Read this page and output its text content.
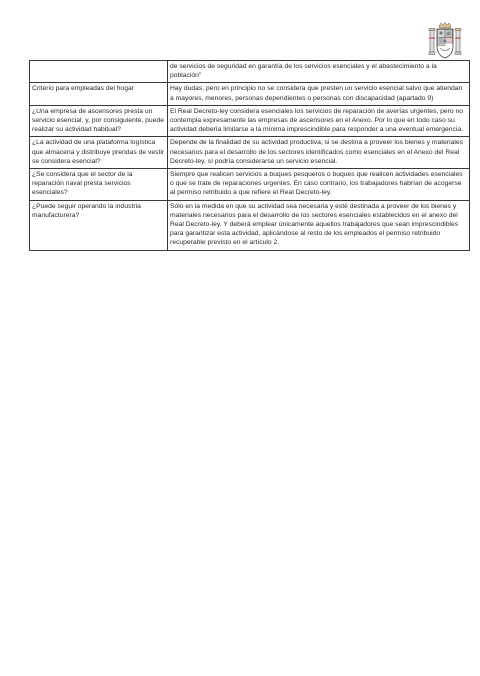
	de servicios de seguridad en garantía de los servicios esenciales y el abastecimiento a la población"

Criterio para empleadas del hogar	Hay dudas, pero en principio no se considera que presten un servicio esencial salvo que atiendan a mayores, menores, personas dependientes o personas con discapacidad (apartado 9)

¿Una empresa de ascensores presta un servicio esencial, y, por consiguiente, puede realizar su actividad habitual?	El Real Decreto-ley considera esenciales los servicios de reparación de averías urgentes, pero no contempla expresamente las empresas de ascensores en el Anexo. Por lo que en todo caso su actividad debería limitarse a la mínima imprescindible para responder a una eventual emergencia.

¿La actividad de una plataforma logística que almacena y distribuye prendas de vestir se considera esencial?	Depende de la finalidad de su actividad productiva; si se destina a proveer los bienes y materiales necesarios para el desarrollo de los sectores identificados como esenciales en el Anexo del Real Decreto-ley, sí podría considerarse un servicio esencial.

¿Se considera que el sector de la reparación naval presta servicios esenciales?	Siempre que realicen servicios a buques pesqueros o buques que realicen actividades esenciales o que se trate de reparaciones urgentes. En caso contrario, los trabajadores habrían de acogerse al permiso retribuido a que refiere el Real Decreto-ley.

¿Puede seguir operando la industria manufacturera?	Sólo en la medida en que su actividad sea necesaria y esté destinada a proveer de los bienes y materiales necesarios para el desarrollo de los sectores esenciales establecidos en el anexo del Real Decreto-ley. Y deberá emplear únicamente aquellos trabajadores que sean imprescindibles para garantizar esta actividad, aplicándose al resto de los empleados el permiso retribuido recuperable previsto en el artículo 2.
